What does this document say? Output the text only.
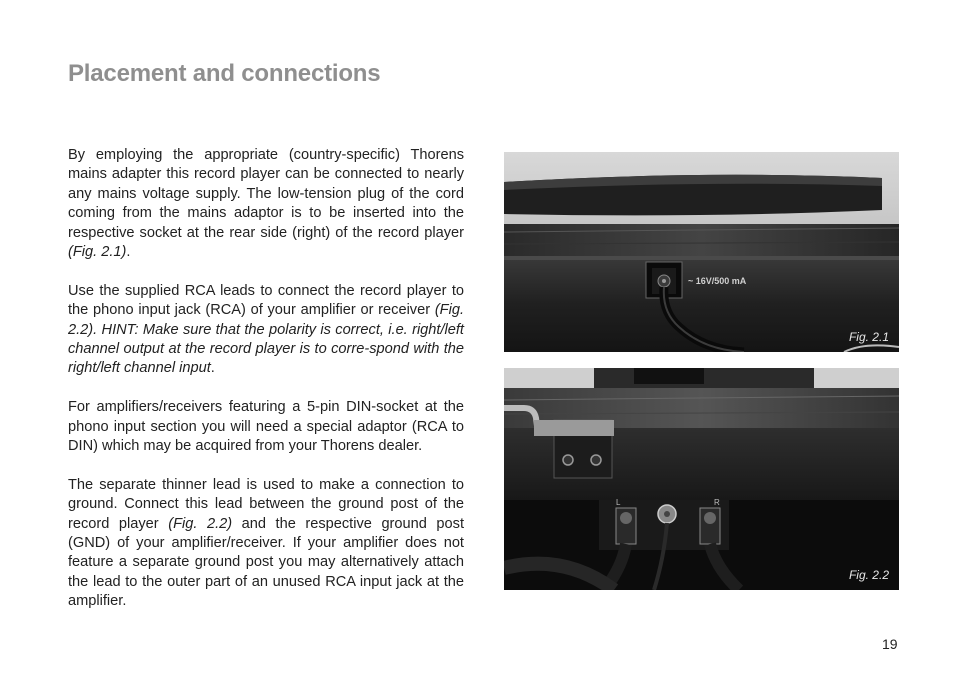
Placement and connections

By employing the appropriate (country-specific) Thorens mains adapter this record player can be connected to nearly any mains voltage supply. The low-tension plug of the cord coming from the mains adaptor is to be inserted into the respective socket at the rear side (right) of the record player (Fig. 2.1).

Use the supplied RCA leads to connect the record player to the phono input jack (RCA) of your amplifier or receiver (Fig. 2.2). HINT: Make sure that the polarity is correct, i.e. right/left channel output at the record player is to corre-spond with the right/left channel input.

For amplifiers/receivers featuring a 5-pin DIN-socket at the phono input section you will need a special adaptor (RCA to DIN) which may be acquired from your Thorens dealer.

The separate thinner lead is used to make a connection to ground. Connect this lead between the ground post of the record player (Fig. 2.2) and the respective ground post (GND) of your amplifier/receiver. If your amplifier does not feature a separate ground post you may alternatively attach the lead to the outer part of an unused RCA input jack at the amplifier.

~ 16V/500 mA
Fig. 2.1
L	R
Fig. 2.2
19
